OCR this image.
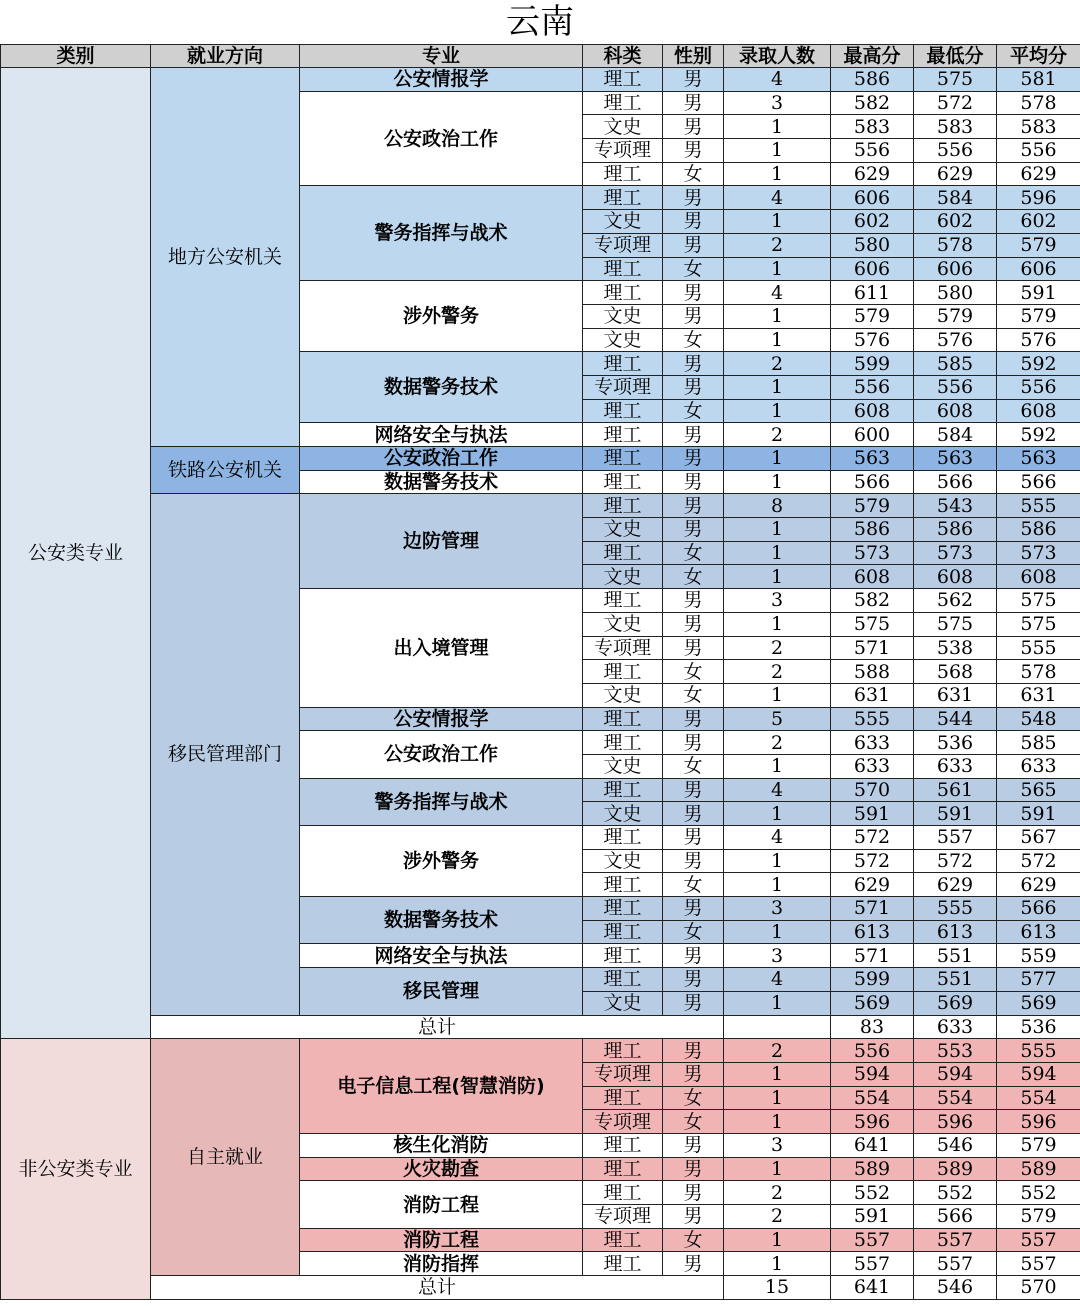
云南
类别	就业方向	专业	科类	性别	录取人数	最高分	最低分	平均分	
公安类专业	地方公安机关	公安情报学	理工	男	4	586	575	581	
		公安政治工作	理工	男	3	582	572	578	
			文史	男	1	583	583	583	
			专项理	男	1	556	556	556	
			理工	女	1	629	629	629	
		警务指挥与战术	理工	男	4	606	584	596	
			文史	男	1	602	602	602	
			专项理	男	2	580	578	579	
			理工	女	1	606	606	606	
		涉外警务	理工	男	4	611	580	591	
			文史	男	1	579	579	579	
			文史	女	1	576	576	576	
		数据警务技术	理工	男	2	599	585	592	
			专项理	男	1	556	556	556	
			理工	女	1	608	608	608	
		网络安全与执法	理工	男	2	600	584	592	
	铁路公安机关	公安政治工作	理工	男	1	563	563	563	
		数据警务技术	理工	男	1	566	566	566	
	移民管理部门	边防管理	理工	男	8	579	543	555	
			文史	男	1	586	586	586	
			理工	女	1	573	573	573	
			文史	女	1	608	608	608	
		出入境管理	理工	男	3	582	562	575	
			文史	男	1	575	575	575	
			专项理	男	2	571	538	555	
			理工	女	2	588	568	578	
			文史	女	1	631	631	631	
		公安情报学	理工	男	5	555	544	548	
		公安政治工作	理工	男	2	633	536	585	
			文史	女	1	633	633	633	
		警务指挥与战术	理工	男	4	570	561	565	
			文史	男	1	591	591	591	
		涉外警务	理工	男	4	572	557	567	
			文史	男	1	572	572	572	
			理工	女	1	629	629	629	
		数据警务技术	理工	男	3	571	555	566	
			理工	女	1	613	613	613	
		网络安全与执法	理工	男	3	571	551	559	
		移民管理	理工	男	4	599	551	577	
			文史	男	1	569	569	569	
	总计					83	633	536	
非公安类专业	自主就业	电子信息工程(智慧消防)	理工	男	2	556	553	555	
			专项理	男	1	594	594	594	
			理工	女	1	554	554	554	
			专项理	女	1	596	596	596	
		核生化消防	理工	男	3	641	546	579	
		火灾勘查	理工	男	1	589	589	589	
		消防工程	理工	男	2	552	552	552	
			专项理	男	2	591	566	579	
		消防工程	理工	女	1	557	557	557	
		消防指挥	理工	男	1	557	557	557	
	总计				15	641	546	570	
